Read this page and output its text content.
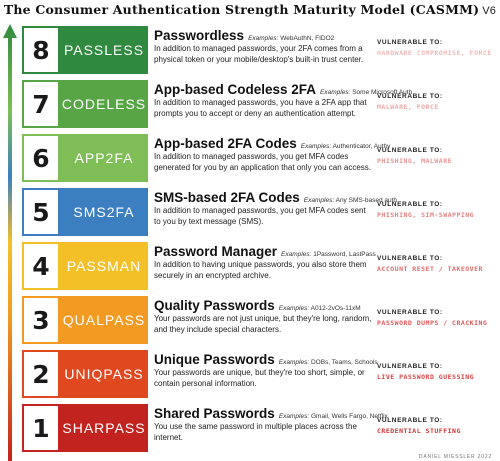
The Consumer Authentication Strength Maturity Model (CASMM) V6
8	PASSLESS
Passwordless Examples: WebAuthN, FIDO2
In addition to managed passwords, your 2FA comes from a physical token or your mobile/desktop's built-in trust center.
VULNERABLE TO:
HARDWARE COMPROMISE, FORCE
7 CODELESS
App-based Codeless 2FA Examples: Some Microsoft Auth
In addition to managed passwords, you have a 2FA app that prompts you to accept or deny an authentication attempt.
VULNERABLE TO:
MALWARE, FORCE
6	APP2FA
App-based 2FA Codes Examples: Authenticator, Authy
In addition to managed passwords, you get MFA codes generated for you by an application that only you can access.
VULNERABLE TO:
PHISHING, MALWARE
5	SMS2FA
SMS-based 2FA Codes Examples: Any SMS-based auth
In addition to managed passwords, you get MFA codes sent to you by text message (SMS).
VULNERABLE TO:
PHISHING, SIM-SWAPPING
4	PASSMAN
Password Manager Examples: 1Password, LastPass
In addition to having unique passwords, you also store them securely in an encrypted archive.
VULNERABLE TO:
ACCOUNT RESET / TAKEOVER
3 QUALPASS
Quality Passwords Examples: A012-2vOs-11xM
Your passwords are not just unique, but they're long, random, and they include special characters.
VULNERABLE TO:
PASSWORD DUMPS / CRACKING
2	UNIQPASS
Unique Passwords Examples: DOBs, Teams, Schools
Your passwords are unique, but they're too short, simple, or contain personal information.
VULNERABLE TO:
LIVE PASSWORD GUESSING
1 SHARPASS
Shared Passwords Examples: Gmail, Wells Fargo, Netflix
You use the same password in multiple places across the internet.
VULNERABLE TO:
CREDENTIAL STUFFING
DANIEL MIESSLER 2022
